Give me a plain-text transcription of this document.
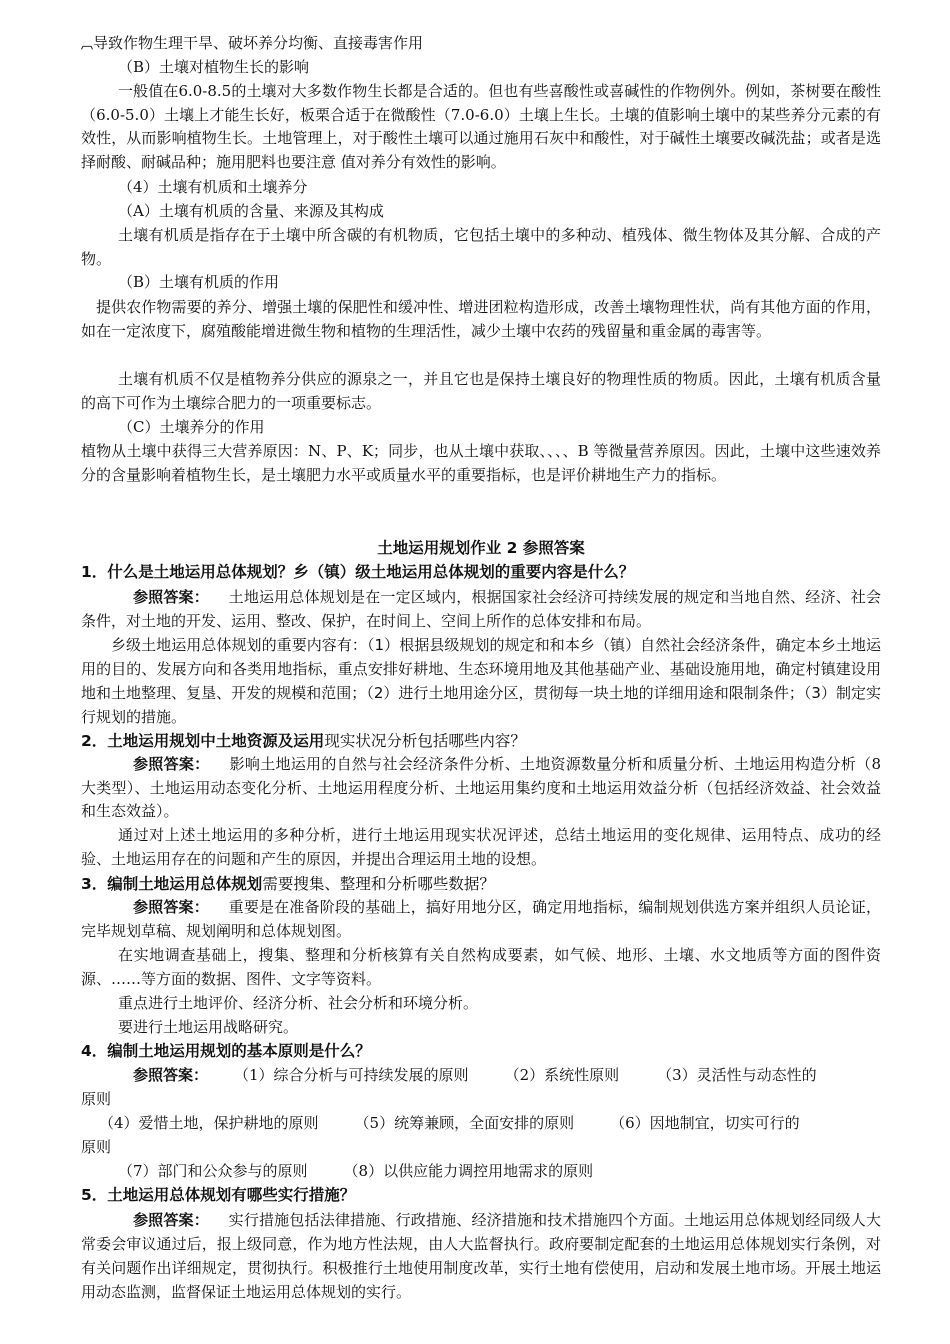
︹导致作物生理干旱、破坏养分均衡、直接毒害作用
（B）土壤对植物生长的影响
一般值在6.0-8.5的土壤对大多数作物生长都是合适的。但也有些喜酸性或喜碱性的作物例外。例如，茶树要在酸性（6.0-5.0）土壤上才能生长好，板栗合适于在微酸性（7.0-6.0）土壤上生长。土壤的值影响土壤中的某些养分元素的有效性，从而影响植物生长。土地管理上，对于酸性土壤可以通过施用石灰中和酸性，对于碱性土壤要改碱洗盐；或者是选择耐酸、耐碱品种；施用肥料也要注意 值对养分有效性的影响。
（4）土壤有机质和土壤养分
（A）土壤有机质的含量、来源及其构成
土壤有机质是指存在于土壤中所含碳的有机物质，它包括土壤中的多种动、植残体、微生物体及其分解、合成的产物。
（B）土壤有机质的作用
提供农作物需要的养分、增强土壤的保肥性和缓冲性、增进团粒构造形成，改善土壤物理性状，尚有其他方面的作用，如在一定浓度下，腐殖酸能增进微生物和植物的生理活性，减少土壤中农药的残留量和重金属的毒害等。
土壤有机质不仅是植物养分供应的源泉之一，并且它也是保持土壤良好的物理性质的物质。因此，土壤有机质含量的高下可作为土壤综合肥力的一项重要标志。
（C）土壤养分的作用
植物从土壤中获得三大营养原因：N、P、K；同步，也从土壤中获取、、、、B 等微量营养原因。因此，土壤中这些速效养分的含量影响着植物生长，是土壤肥力水平或质量水平的重要指标，也是评价耕地生产力的指标。
土地运用规划作业 2 参照答案
1．什么是土地运用总体规划？乡（镇）级土地运用总体规划的重要内容是什么？
参照答案： 土地运用总体规划是在一定区域内，根据国家社会经济可持续发展的规定和当地自然、经济、社会条件，对土地的开发、运用、整改、保护，在时间上、空间上所作的总体安排和布局。
乡级土地运用总体规划的重要内容有：（1）根据县级规划的规定和和本乡（镇）自然社会经济条件，确定本乡土地运用的目的、发展方向和各类用地指标，重点安排好耕地、生态环境用地及其他基础产业、基础设施用地，确定村镇建设用地和土地整理、复垦、开发的规模和范围；（2）进行土地用途分区，贯彻每一块土地的详细用途和限制条件；（3）制定实行规划的措施。
2．土地运用规划中土地资源及运用现实状况分析包括哪些内容？
参照答案： 影响土地运用的自然与社会经济条件分析、土地资源数量分析和质量分析、土地运用构造分析（8 大类型）、土地运用动态变化分析、土地运用程度分析、土地运用集约度和土地运用效益分析（包括经济效益、社会效益和生态效益）。
通过对上述土地运用的多种分析，进行土地运用现实状况评述，总结土地运用的变化规律、运用特点、成功的经验、土地运用存在的问题和产生的原因，并提出合理运用土地的设想。
3．编制土地运用总体规划需要搜集、整理和分析哪些数据？
参照答案： 重要是在准备阶段的基础上，搞好用地分区，确定用地指标，编制规划供选方案并组织人员论证，完毕规划草稿、规划阐明和总体规划图。
在实地调查基础上，搜集、整理和分析核算有关自然构成要素，如气候、地形、土壤、水文地质等方面的图件资源、……等方面的数据、图件、文字等资料。
重点进行土地评价、经济分析、社会分析和环境分析。
要进行土地运用战略研究。
4．编制土地运用规划的基本原则是什么？
参照答案： （1）综合分析与可持续发展的原则 （2）系统性原则	（3）灵活性与动态性的
原则
（4）爱惜土地，保护耕地的原则 （5）统筹兼顾，全面安排的原则 （6）因地制宜，切实可行的
原则
（7）部门和公众参与的原则 （8）以供应能力调控用地需求的原则
5．土地运用总体规划有哪些实行措施？
参照答案： 实行措施包括法律措施、行政措施、经济措施和技术措施四个方面。土地运用总体规划经同级人大常委会审议通过后，报上级同意，作为地方性法规，由人大监督执行。政府要制定配套的土地运用总体规划实行条例，对有关问题作出详细规定，贯彻执行。积极推行土地使用制度改革，实行土地有偿使用，启动和发展土地市场。开展土地运用动态监测，监督保证土地运用总体规划的实行。
